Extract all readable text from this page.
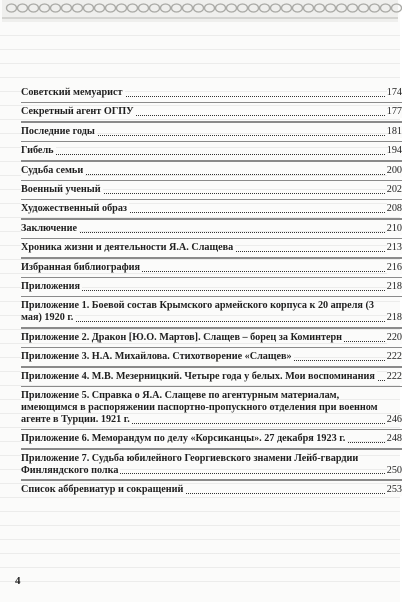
Советский мемуарист	174
Секретный агент ОГПУ	177
Последние годы	181
Гибель	194
Судьба семьи	200
Военный ученый	202
Художественный образ	208
Заключение	210
Хроника жизни и деятельности Я.А. Слащева	213
Избранная библиография	216
Приложения	218
Приложение 1. Боевой состав Крымского армейского корпуса к 20 апреля (3 мая) 1920 г.	218
Приложение 2. Дракон [Ю.О. Мартов]. Слащев – борец за Коминтерн	220
Приложение 3. Н.А. Михайлова. Стихотворение «Слащев»	222
Приложение 4. М.В. Мезерницкий. Четыре года у белых. Мои воспоминания	222
Приложение 5. Справка о Я.А. Слащеве по агентурным материалам, имеющимся в распоряжении паспортно-пропускного отделения при военном агенте в Турции. 1921 г.	246
Приложение 6. Меморандум по делу «Корсиканцы». 27 декабря 1923 г.	248
Приложение 7. Судьба юбилейного Георгиевского знамени Лейб-гвардии Финляндского полка	250
Список аббревиатур и сокращений	253
4
